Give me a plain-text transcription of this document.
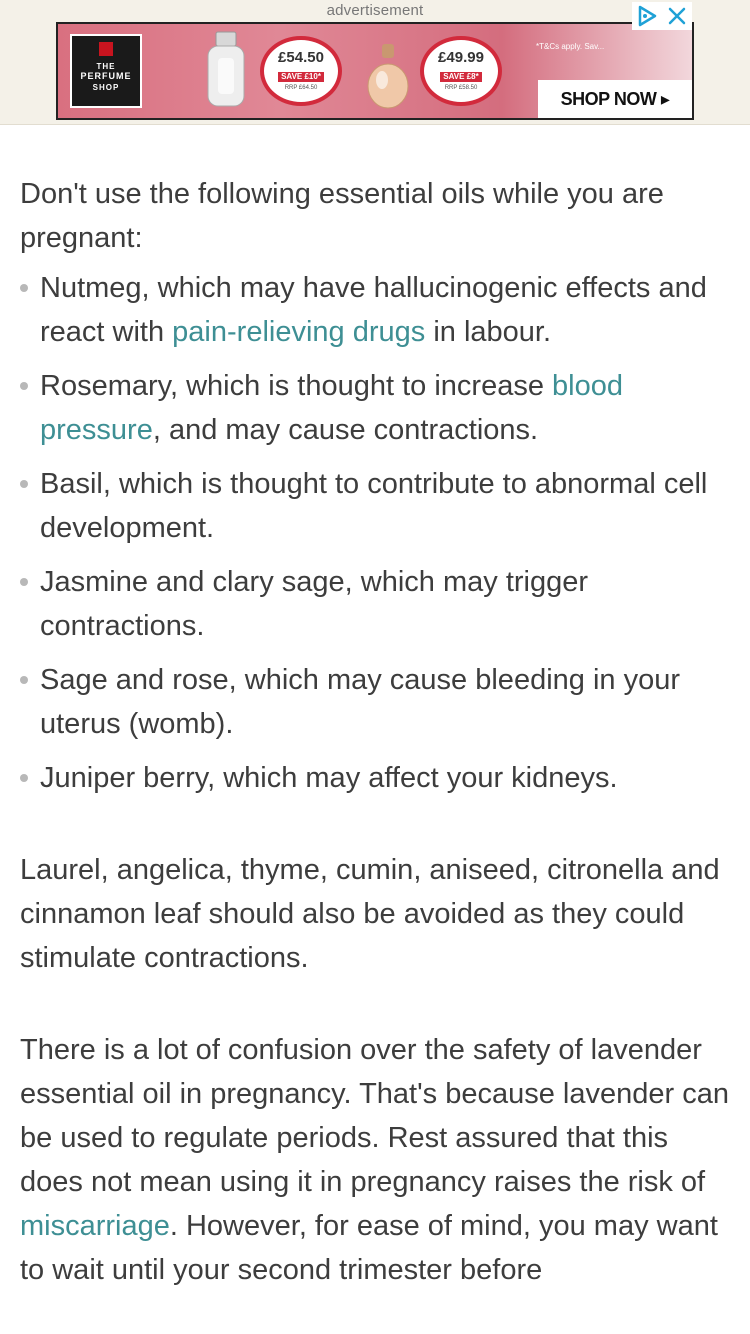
advertisement
THE
PERFUME
SHOP
£54.50
SAVE £10*
RRP £64.50
£49.99
SAVE £8*
RRP £58.50
*T&Cs apply. Sav...
SHOP NOW ▸

Don't use the following essential oils while you are pregnant:

Nutmeg, which may have hallucinogenic effects and react with pain-relieving drugs in labour.
Rosemary, which is thought to increase blood pressure, and may cause contractions.
Basil, which is thought to contribute to abnormal cell development.
Jasmine and clary sage, which may trigger contractions.
Sage and rose, which may cause bleeding in your uterus (womb).
Juniper berry, which may affect your kidneys.

Laurel, angelica, thyme, cumin, aniseed, citronella and cinnamon leaf should also be avoided as they could stimulate contractions.

There is a lot of confusion over the safety of lavender essential oil in pregnancy. That's because lavender can be used to regulate periods. Rest assured that this does not mean using it in pregnancy raises the risk of miscarriage. However, for ease of mind, you may want to wait until your second trimester before
